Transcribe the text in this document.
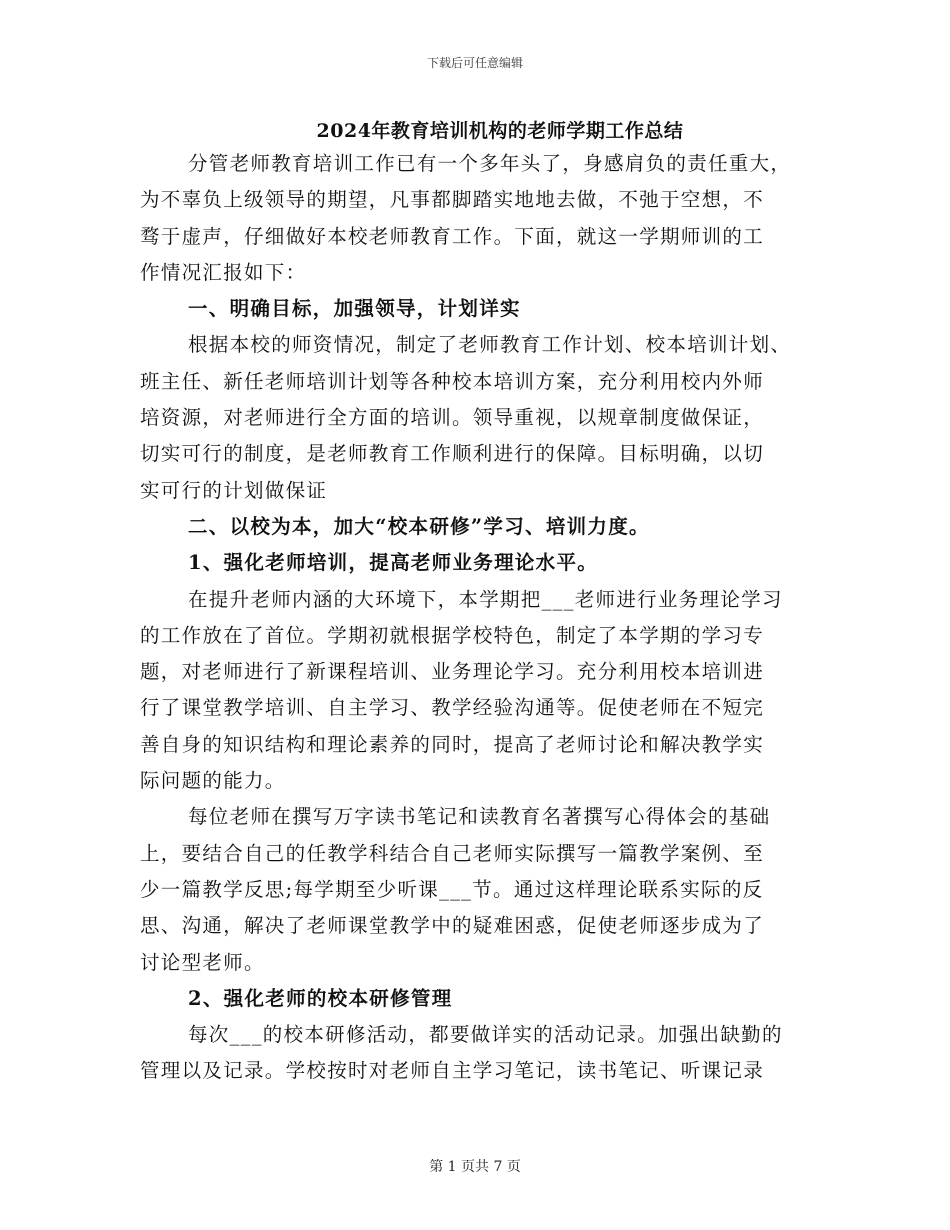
下载后可任意编辑
2024年教育培训机构的老师学期工作总结
分管老师教育培训工作已有一个多年头了，身感肩负的责任重大，
为不辜负上级领导的期望，凡事都脚踏实地地去做，不弛于空想，不
骛于虚声，仔细做好本校老师教育工作。下面，就这一学期师训的工
作情况汇报如下：
一、明确目标，加强领导，计划详实
根据本校的师资情况，制定了老师教育工作计划、校本培训计划、
班主任、新任老师培训计划等各种校本培训方案，充分利用校内外师
培资源，对老师进行全方面的培训。领导重视，以规章制度做保证，
切实可行的制度，是老师教育工作顺利进行的保障。目标明确，以切
实可行的计划做保证
二、以校为本，加大“校本研修”学习、培训力度。
1、强化老师培训，提高老师业务理论水平。
在提升老师内涵的大环境下，本学期把___老师进行业务理论学习
的工作放在了首位。学期初就根据学校特色，制定了本学期的学习专
题，对老师进行了新课程培训、业务理论学习。充分利用校本培训进
行了课堂教学培训、自主学习、教学经验沟通等。促使老师在不短完
善自身的知识结构和理论素养的同时，提高了老师讨论和解决教学实
际问题的能力。
每位老师在撰写万字读书笔记和读教育名著撰写心得体会的基础
上，要结合自己的任教学科结合自己老师实际撰写一篇教学案例、至
少一篇教学反思;每学期至少听课___节。通过这样理论联系实际的反
思、沟通，解决了老师课堂教学中的疑难困惑，促使老师逐步成为了
讨论型老师。
2、强化老师的校本研修管理
每次___的校本研修活动，都要做详实的活动记录。加强出缺勤的
管理以及记录。学校按时对老师自主学习笔记，读书笔记、听课记录
第 1 页共 7 页
